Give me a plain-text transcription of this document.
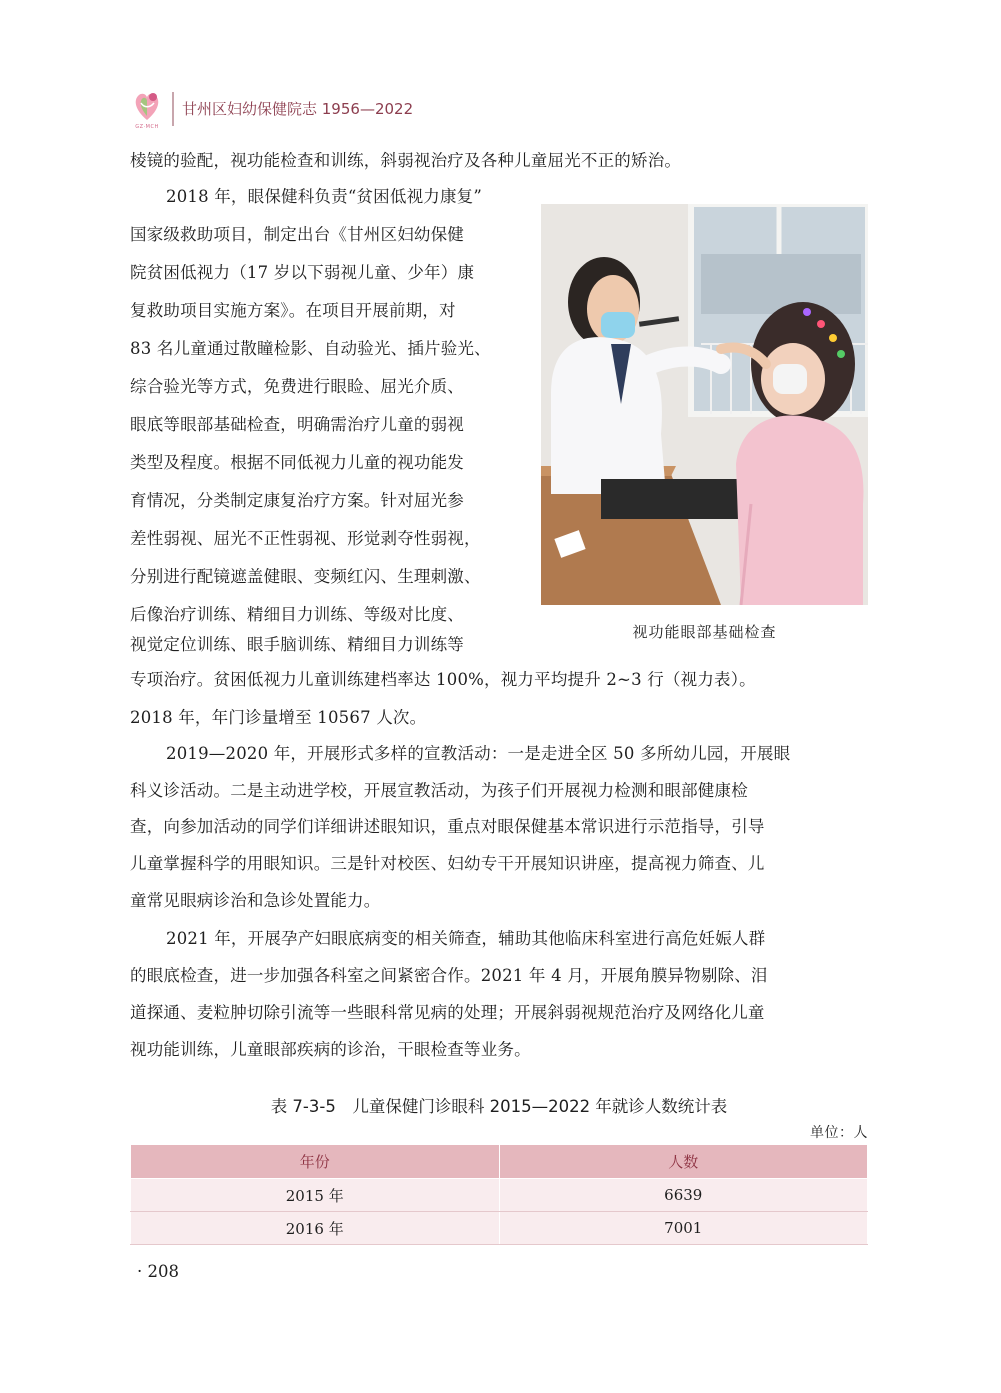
GZ·MCH
甘州区妇幼保健院志 1956—2022
棱镜的验配，视功能检查和训练，斜弱视治疗及各种儿童屈光不正的矫治。
2018 年，眼保健科负责“贫困低视力康复”
国家级救助项目，制定出台《甘州区妇幼保健
院贫困低视力（17 岁以下弱视儿童、少年）康
复救助项目实施方案》。在项目开展前期，对
83 名儿童通过散瞳检影、自动验光、插片验光、
综合验光等方式，免费进行眼睑、屈光介质、
眼底等眼部基础检查，明确需治疗儿童的弱视
类型及程度。根据不同低视力儿童的视功能发
育情况，分类制定康复治疗方案。针对屈光参
差性弱视、屈光不正性弱视、形觉剥夺性弱视，
分别进行配镜遮盖健眼、变频红闪、生理刺激、
后像治疗训练、精细目力训练、等级对比度、
视觉定位训练、眼手脑训练、精细目力训练等
视功能眼部基础检查
专项治疗。贫困低视力儿童训练建档率达 100%，视力平均提升 2~3 行（视力表）。
2018 年，年门诊量增至 10567 人次。
2019—2020 年，开展形式多样的宣教活动：一是走进全区 50 多所幼儿园，开展眼
科义诊活动。二是主动进学校，开展宣教活动，为孩子们开展视力检测和眼部健康检
查，向参加活动的同学们详细讲述眼知识，重点对眼保健基本常识进行示范指导，引导
儿童掌握科学的用眼知识。三是针对校医、妇幼专干开展知识讲座，提高视力筛查、儿
童常见眼病诊治和急诊处置能力。
2021 年，开展孕产妇眼底病变的相关筛查，辅助其他临床科室进行高危妊娠人群
的眼底检查，进一步加强各科室之间紧密合作。2021 年 4 月，开展角膜异物剔除、泪
道探通、麦粒肿切除引流等一些眼科常见病的处理；开展斜弱视规范治疗及网络化儿童
视功能训练，儿童眼部疾病的诊治，干眼检查等业务。
表 7-3-5　儿童保健门诊眼科 2015—2022 年就诊人数统计表
单位：人
年份	人数
2015 年	6639
2016 年	7001
· 208
